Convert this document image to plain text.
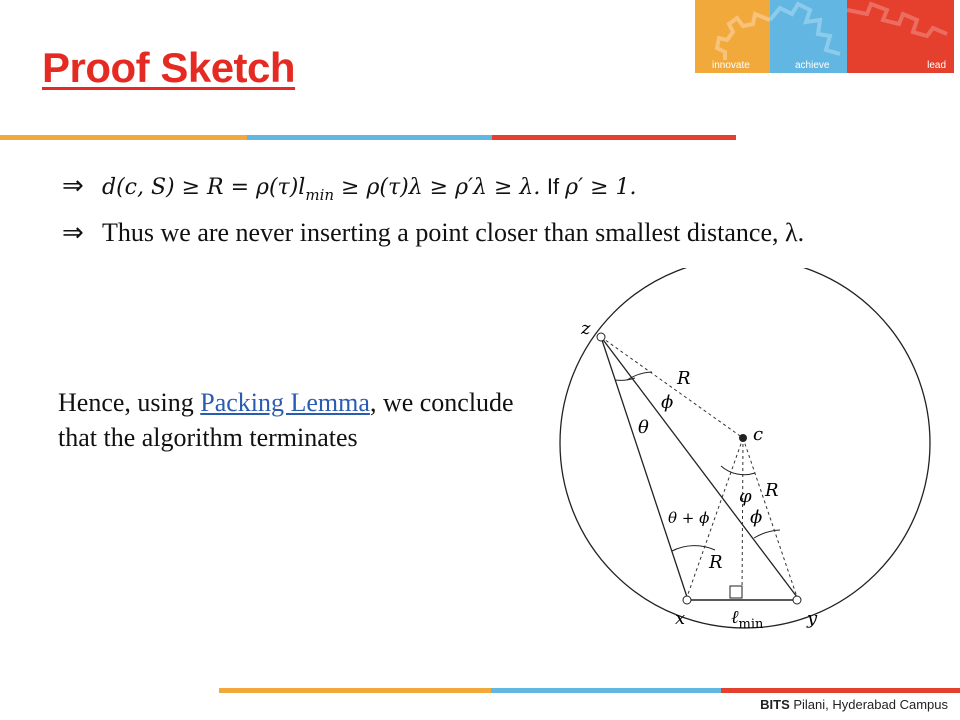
innovate	achieve	lead
Proof Sketch
⇒ d(c, $S) \ge R = \rho(\tau)l_{min} \ge \rho(\tau)\lambda \ge \rho'\lambda \ge \lambda$. If ρ′ ≥ 1.
⇒ Thus we are never inserting a point closer than smallest distance, λ.
Hence, using Packing Lemma, we conclude that the algorithm terminates
z
c
x	y
R
R
R
ϕ
θ
φ
θ + ϕ ϕ
ℓ$_{min}$
BITS Pilani, Hyderabad Campus
